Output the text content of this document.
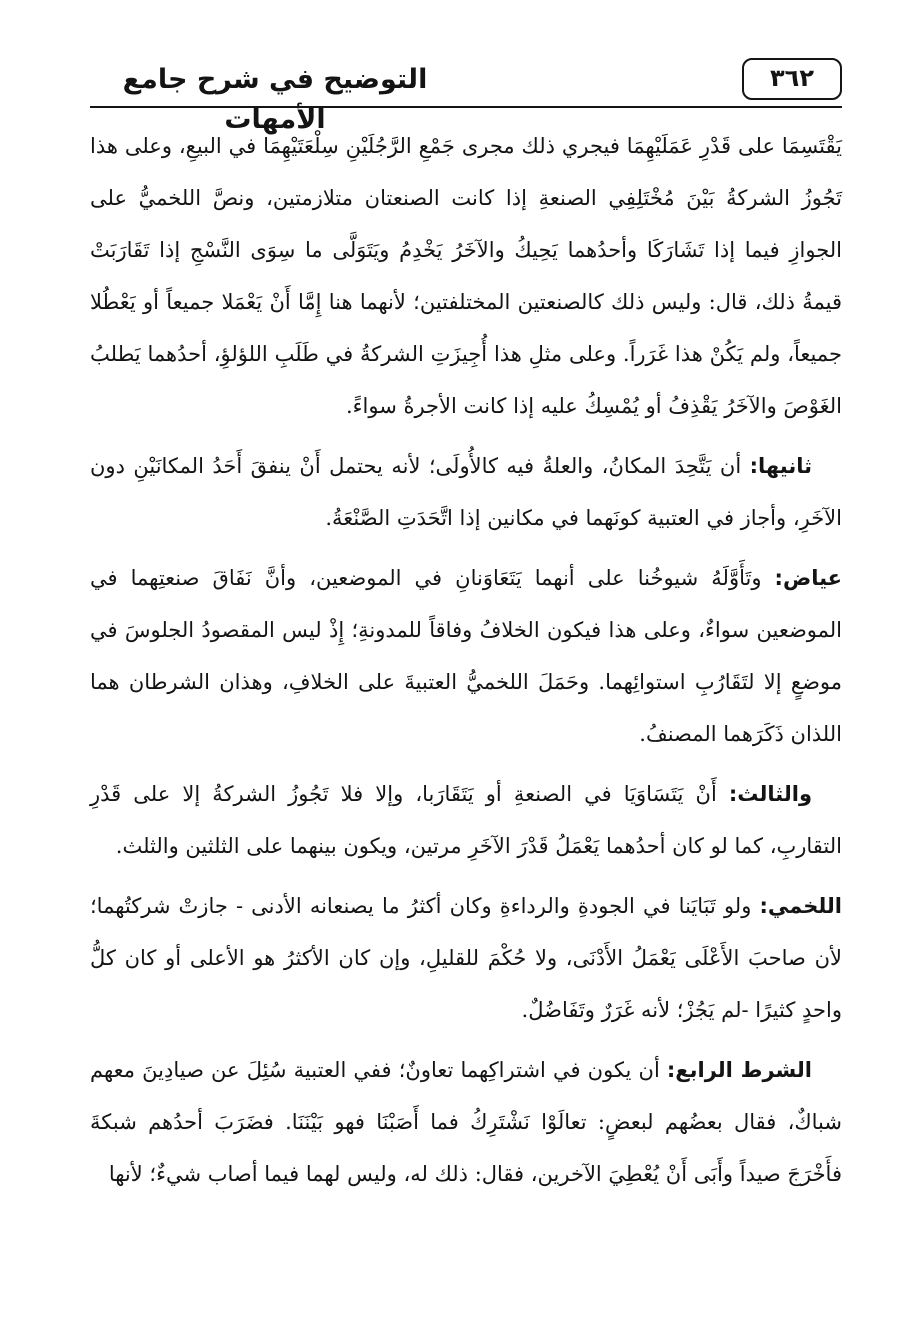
٣٦٢
التوضيح في شرح جامع الأمهات

يَقْتَسِمَا على قَدْرِ عَمَلَيْهِمَا فيجري ذلك مجرى جَمْعِ الرَّجُلَيْنِ سِلْعَتَيْهِمَا في البيعِ، وعلى هذا تَجُوزُ الشركةُ بَيْنَ مُخْتَلِفِي الصنعةِ إذا كانت الصنعتان متلازمتين، ونصَّ اللخميُّ على الجوازِ فيما إذا تَشَارَكَا وأحدُهما يَحِيكُ والآخَرُ يَخْدِمُ ويَتَوَلَّى ما سِوَى النَّسْجِ إذا تَقَارَبَتْ قيمةُ ذلك، قال: وليس ذلك كالصنعتين المختلفتين؛ لأنهما هنا إِمَّا أَنْ يَعْمَلا جميعاً أو يَعْطُلا جميعاً، ولم يَكُنْ هذا غَرَراً. وعلى مثلِ هذا أُجِيزَتِ الشركةُ في طَلَبِ اللؤلؤِ، أحدُهما يَطلبُ الغَوْصَ والآخَرُ يَقْذِفُ أو يُمْسِكُ عليه إذا كانت الأجرةُ سواءً.

ثانيها: أن يَتَّحِدَ المكانُ، والعلةُ فيه كالأُولَى؛ لأنه يحتمل أَنْ ينفقَ أَحَدُ المكانَيْنِ دون الآخَرِ، وأجاز في العتبية كونَهما في مكانين إذا اتَّحَدَتِ الصَّنْعَةُ.

عياض: وتَأَوَّلَهُ شيوخُنا على أنهما يَتَعَاوَنانِ في الموضعين، وأنَّ نَفَاقَ صنعتِهما في الموضعين سواءٌ، وعلى هذا فيكون الخلافُ وفاقاً للمدونةِ؛ إِذْ ليس المقصودُ الجلوسَ في موضعٍ إلا لتَقَارُبِ استوائِهما. وحَمَلَ اللخميُّ العتبيةَ على الخلافِ، وهذان الشرطان هما اللذان ذَكَرَهما المصنفُ.

والثالث: أَنْ يَتَسَاوَيَا في الصنعةِ أو يَتَقَارَبا، وإلا فلا تَجُوزُ الشركةُ إلا على قَدْرِ التقاربِ، كما لو كان أحدُهما يَعْمَلُ قَدْرَ الآخَرِ مرتين، ويكون بينهما على الثلثين والثلث.

اللخمي: ولو تَبَايَنا في الجودةِ والرداءةِ وكان أكثرُ ما يصنعانه الأدنى - جازتْ شركتُهما؛ لأن صاحبَ الأَعْلَى يَعْمَلُ الأَدْنَى، ولا حُكْمَ للقليلِ، وإن كان الأكثرُ هو الأعلى أو كان كلُّ واحدٍ كثيرًا -لم يَجُزْ؛ لأنه غَرَرٌ وتَفَاضُلٌ.

الشرط الرابع: أن يكون في اشتراكِهما تعاونٌ؛ ففي العتبية سُئِلَ عن صيادِينَ معهم شباكٌ، فقال بعضُهم لبعضٍ: تعالَوْا نَشْتَرِكُ فما أَصَبْنَا فهو بَيْنَنَا. فضَرَبَ أحدُهم شبكةَ فأَخْرَجَ صيداً وأَبَى أَنْ يُعْطِيَ الآخرين، فقال: ذلك له، وليس لهما فيما أصاب شيءٌ؛ لأنها
